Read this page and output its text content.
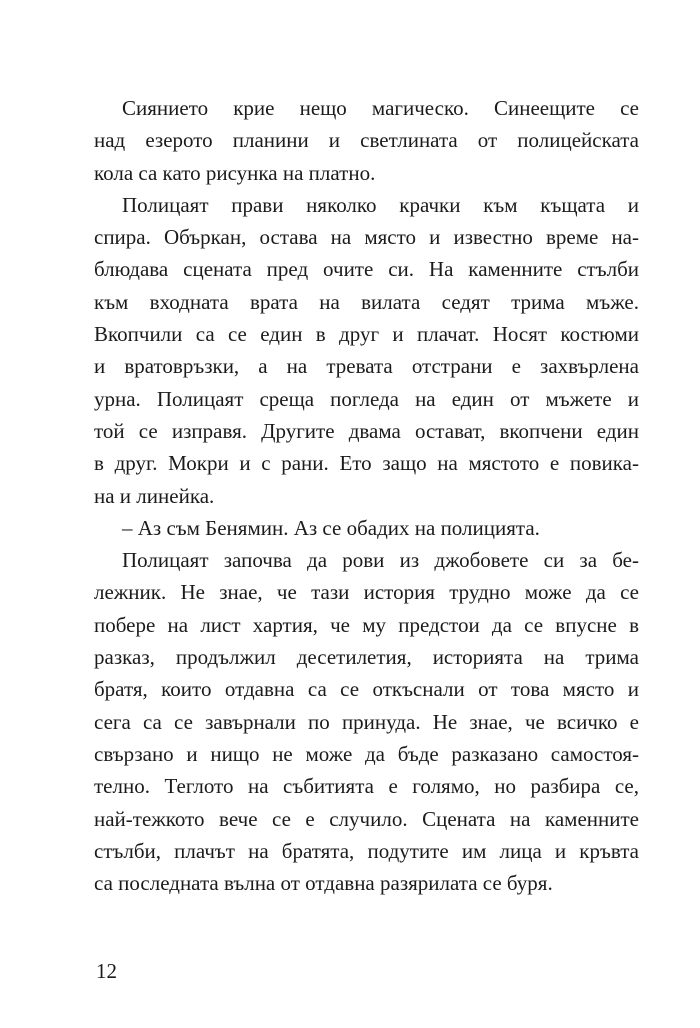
Сиянието крие нещо магическо. Синеещите се
над езерото планини и светлината от полицейската
кола са като рисунка на платно.
Полицаят прави няколко крачки към къщата и
спира. Объркан, остава на място и известно време на-
блюдава сцената пред очите си. На каменните стълби
към входната врата на вилата седят трима мъже.
Вкопчили са се един в друг и плачат. Носят костюми
и вратовръзки, а на тревата отстрани е захвърлена
урна. Полицаят среща погледа на един от мъжете и
той се изправя. Другите двама остават, вкопчени един
в друг. Мокри и с рани. Ето защо на мястото е повика-
на и линейка.
– Аз съм Бенямин. Аз се обадих на полицията.
Полицаят започва да рови из джобовете си за бе-
лежник. Не знае, че тази история трудно може да се
побере на лист хартия, че му предстои да се впусне в
разказ, продължил десетилетия, историята на трима
братя, които отдавна са се откъснали от това място и
сега са се завърнали по принуда. Не знае, че всичко е
свързано и нищо не може да бъде разказано самостоя-
телно. Теглото на събитията е голямо, но разбира се,
най-тежкото вече се е случило. Сцената на каменните
стълби, плачът на братята, подутите им лица и кръвта
са последната вълна от отдавна разярилата се буря.
12
